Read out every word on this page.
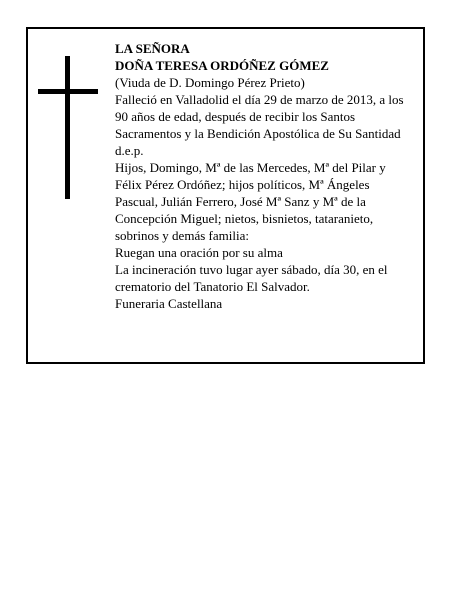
LA SEÑORA

DOÑA TERESA ORDÓÑEZ GÓMEZ

(Viuda de D. Domingo Pérez Prieto)

Falleció en Valladolid el día 29 de marzo de 2013, a los 90 años de edad, después de recibir los Santos Sacramentos y la Bendición Apostólica de Su Santidad

d.e.p.

Hijos, Domingo, Mª de las Mercedes, Mª del Pilar y Félix Pérez Ordóñez; hijos políticos, Mª Ángeles Pascual, Julián Ferrero, José Mª Sanz y Mª de la Concepción Miguel; nietos, bisnietos, tataranieto, sobrinos y demás familia:

Ruegan una oración por su alma

La incineración tuvo lugar ayer sábado, día 30, en el crematorio del Tanatorio El Salvador.

Funeraria Castellana
